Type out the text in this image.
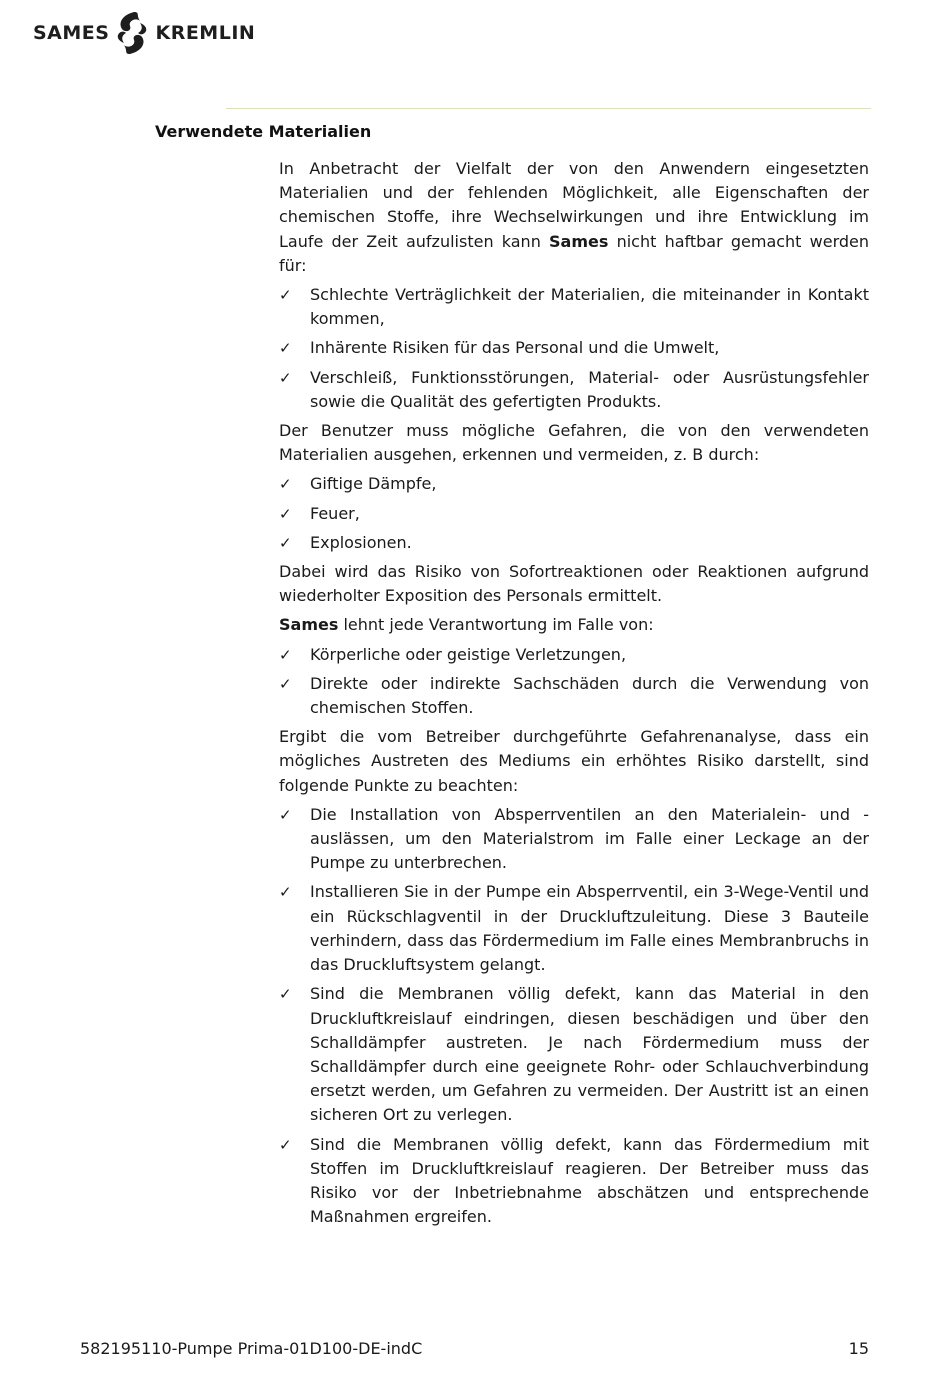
SAMES KREMLIN
Verwendete Materialien

In Anbetracht der Vielfalt der von den Anwendern eingesetzten Materialien und der fehlenden Möglichkeit, alle Eigenschaften der chemischen Stoffe, ihre Wechselwirkungen und ihre Entwicklung im Laufe der Zeit aufzulisten kann Sames nicht haftbar gemacht werden für:

✓ Schlechte Verträglichkeit der Materialien, die miteinander in Kontakt kommen,
✓ Inhärente Risiken für das Personal und die Umwelt,
✓ Verschleiß, Funktionsstörungen, Material- oder Ausrüstungsfehler sowie die Qualität des gefertigten Produkts.

Der Benutzer muss mögliche Gefahren, die von den verwendeten Materialien ausgehen, erkennen und vermeiden, z. B durch:

✓ Giftige Dämpfe,
✓ Feuer,
✓ Explosionen.

Dabei wird das Risiko von Sofortreaktionen oder Reaktionen aufgrund wiederholter Exposition des Personals ermittelt.

Sames lehnt jede Verantwortung im Falle von:

✓ Körperliche oder geistige Verletzungen,
✓ Direkte oder indirekte Sachschäden durch die Verwendung von chemischen Stoffen.

Ergibt die vom Betreiber durchgeführte Gefahrenanalyse, dass ein mögliches Austreten des Mediums ein erhöhtes Risiko darstellt, sind folgende Punkte zu beachten:

✓ Die Installation von Absperrventilen an den Materialein- und -auslässen, um den Materialstrom im Falle einer Leckage an der Pumpe zu unterbrechen.
✓ Installieren Sie in der Pumpe ein Absperrventil, ein 3-Wege-Ventil und ein Rückschlagventil in der Druckluftzuleitung. Diese 3 Bauteile verhindern, dass das Fördermedium im Falle eines Membranbruchs in das Druckluftsystem gelangt.
✓ Sind die Membranen völlig defekt, kann das Material in den Druckluftkreislauf eindringen, diesen beschädigen und über den Schalldämpfer austreten. Je nach Fördermedium muss der Schalldämpfer durch eine geeignete Rohr- oder Schlauchverbindung ersetzt werden, um Gefahren zu vermeiden. Der Austritt ist an einen sicheren Ort zu verlegen.
✓ Sind die Membranen völlig defekt, kann das Fördermedium mit Stoffen im Druckluftkreislauf reagieren. Der Betreiber muss das Risiko vor der Inbetriebnahme abschätzen und entsprechende Maßnahmen ergreifen.
582195110-Pumpe Prima-01D100-DE-indC	15
